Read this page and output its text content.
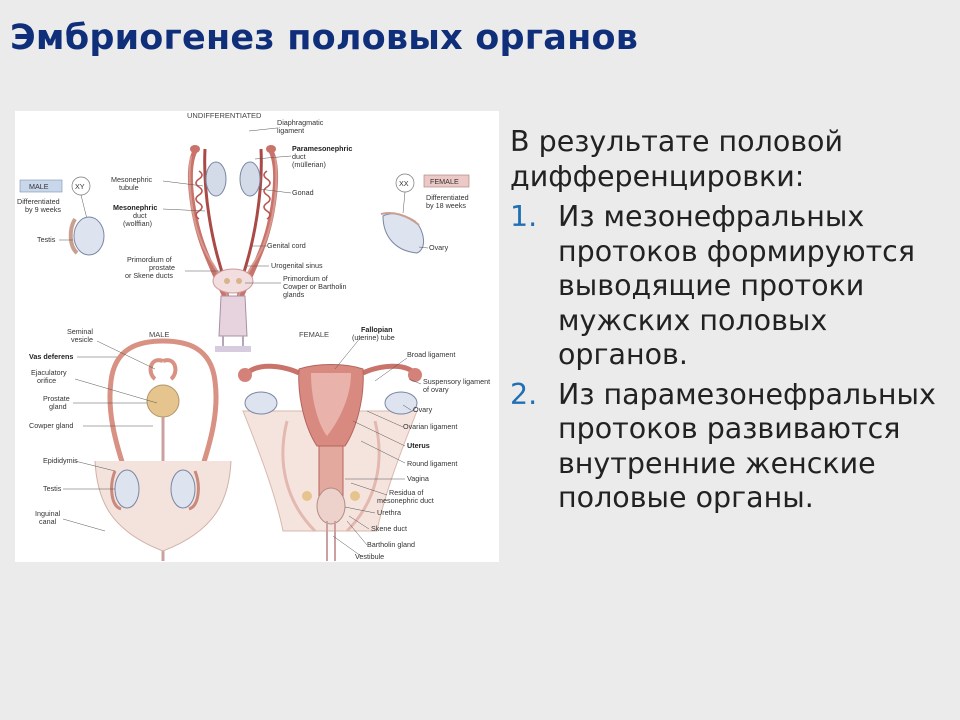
Эмбриогенез половых органов
UNDIFFERENTIATED
Diaphragmatic
ligament
Paramesonephric
duct
(müllerian)
Gonad
Genital cord
Urogenital sinus
Primordium of
Cowper or Bartholin
glands
Mesonephric
tubule
Mesonephric
duct
(wolffian)
Primordium of
prostate
or Skene ducts
MALE	XY
Differentiated
by 9 weeks
Testis
XX	FEMALE
Differentiated
by 18 weeks
Ovary
MALE
Seminal
vesicle
Vas deferens
Ejaculatory
orifice
Prostate
gland
Cowper gland
Epididymis
Testis
Inguinal
canal
FEMALE
Fallopian
(uterine) tube
Broad ligament
Suspensory ligament
of ovary
Ovary
Ovarian ligament
Uterus
Round ligament
Vagina
Residua of
mesonephric duct
Urethra
Skene duct
Bartholin gland
Vestibule
В результате половой дифференцировки:
1. Из мезонефральных протоков формируются выводящие протоки мужских половых органов.
2. Из парамезонефральных протоков развиваются внутренние женские половые органы.
